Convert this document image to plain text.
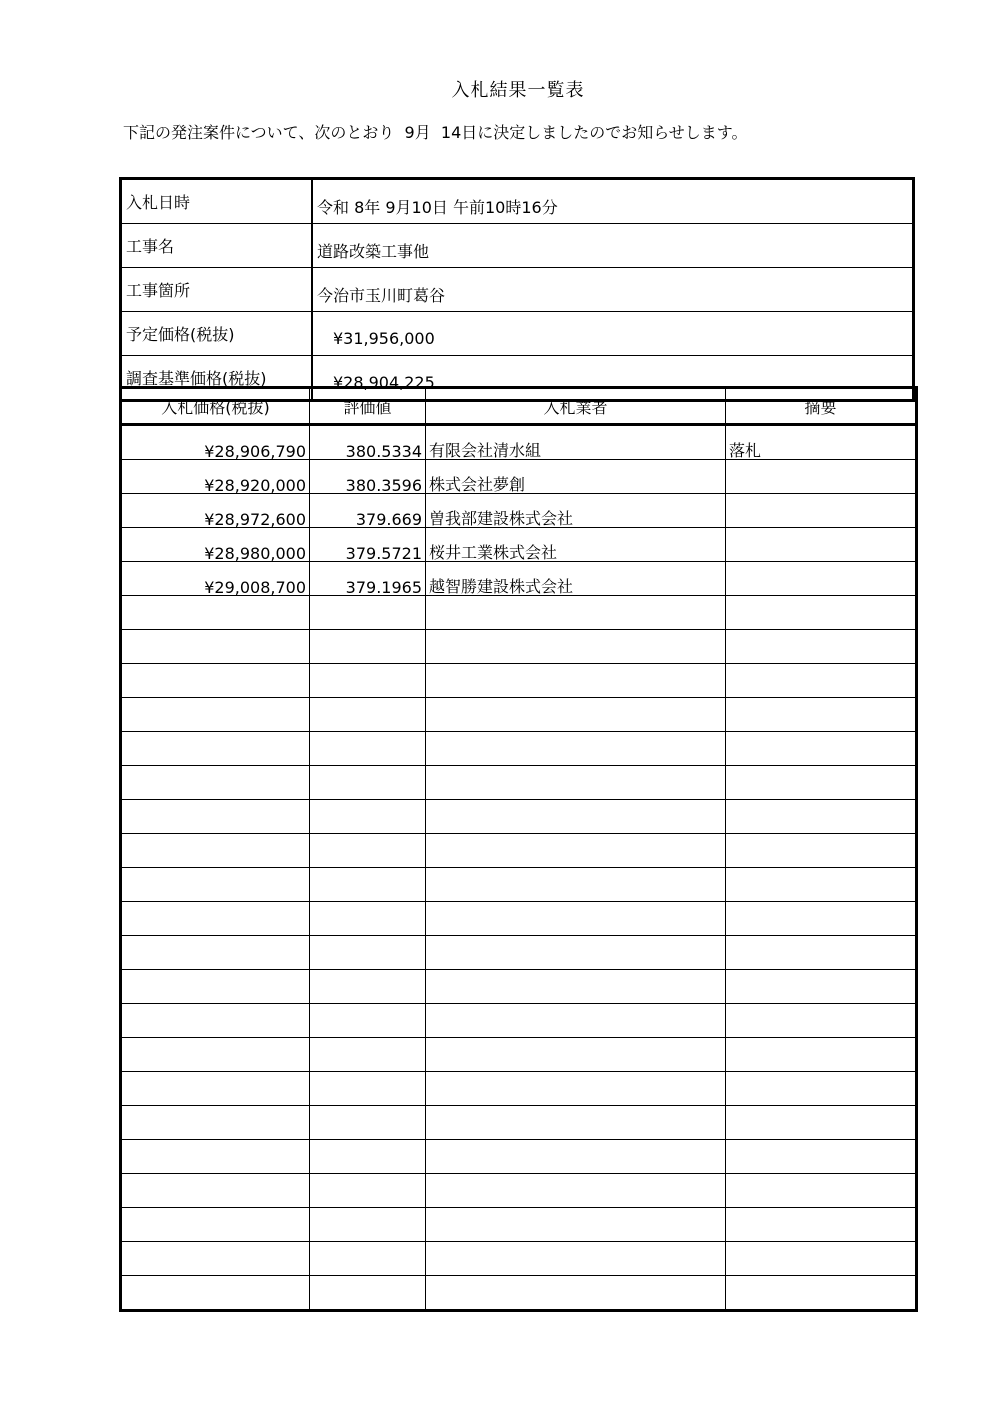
入札結果一覧表
下記の発注案件について、次のとおり  9月  14日に決定しましたのでお知らせします。
入札日時	令和 8年 9月10日 午前10時16分
工事名	道路改築工事他
工事箇所	今治市玉川町葛谷
予定価格(税抜)	¥31,956,000
調査基準価格(税抜)	¥28,904,225
入札価格(税抜)	評価値	入札業者	摘要
¥28,906,790	380.5334	有限会社清水組	落札
¥28,920,000	380.3596	株式会社夢創	
¥28,972,600	379.669	曽我部建設株式会社	
¥28,980,000	379.5721	桜井工業株式会社	
¥29,008,700	379.1965	越智勝建設株式会社	
